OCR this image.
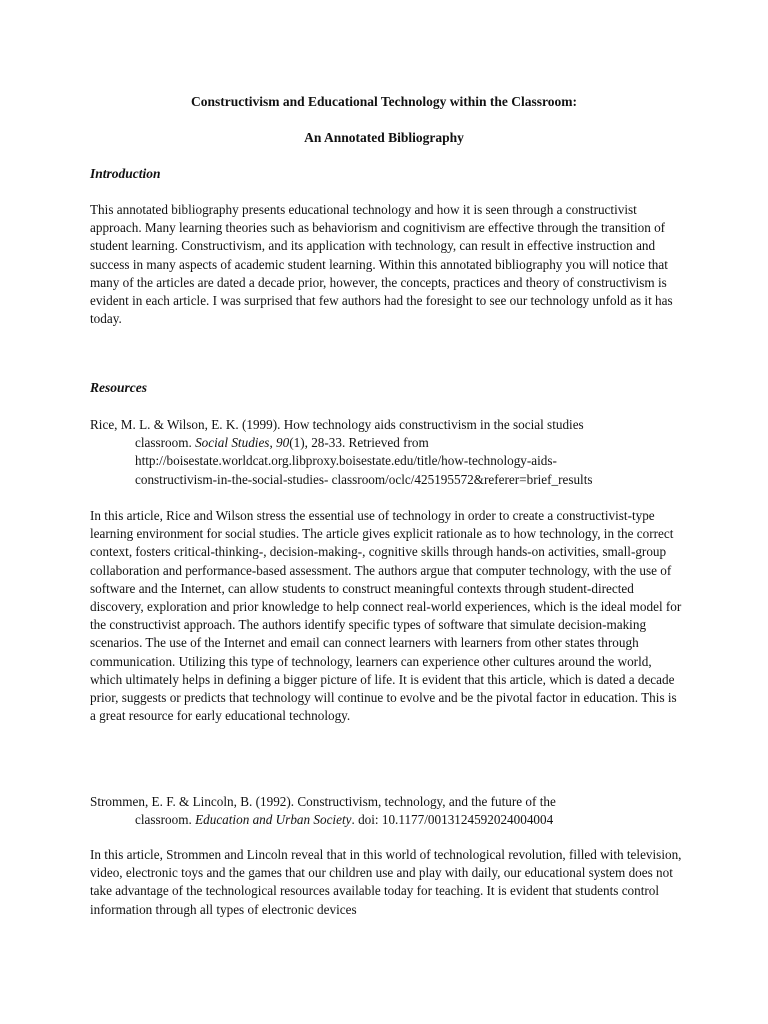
Constructivism and Educational Technology within the Classroom:
An Annotated Bibliography
Introduction

This annotated bibliography presents educational technology and how it is seen through a constructivist approach. Many learning theories such as behaviorism and cognitivism are effective through the transition of student learning. Constructivism, and its application with technology, can result in effective instruction and success in many aspects of academic student learning. Within this annotated bibliography you will notice that many of the articles are dated a decade prior, however, the concepts, practices and theory of constructivism is evident in each article. I was surprised that few authors had the foresight to see our technology unfold as it has today.

Resources
Rice, M. L. & Wilson, E. K. (1999). How technology aids constructivism in the social studies
classroom. Social Studies, 90(1), 28-33. Retrieved from
http://boisestate.worldcat.org.libproxy.boisestate.edu/title/how-technology-aids-
constructivism-in-the-social-studies- classroom/oclc/425195572&referer=brief_results

In this article, Rice and Wilson stress the essential use of technology in order to create a constructivist-type learning environment for social studies. The article gives explicit rationale as to how technology, in the correct context, fosters critical-thinking-, decision-making-, cognitive skills through hands-on activities, small-group collaboration and performance-based assessment. The authors argue that computer technology, with the use of software and the Internet, can allow students to construct meaningful contexts through student-directed discovery, exploration and prior knowledge to help connect real-world experiences, which is the ideal model for the constructivist approach. The authors identify specific types of software that simulate decision-making scenarios. The use of the Internet and email can connect learners with learners from other states through communication. Utilizing this type of technology, learners can experience other cultures around the world, which ultimately helps in defining a bigger picture of life. It is evident that this article, which is dated a decade prior, suggests or predicts that technology will continue to evolve and be the pivotal factor in education. This is a great resource for early educational technology.

Strommen, E. F. & Lincoln, B. (1992). Constructivism, technology, and the future of the
classroom. Education and Urban Society. doi: 10.1177/0013124592024004004

In this article, Strommen and Lincoln reveal that in this world of technological revolution, filled with television, video, electronic toys and the games that our children use and play with daily, our educational system does not take advantage of the technological resources available today for teaching. It is evident that students control information through all types of electronic devices
